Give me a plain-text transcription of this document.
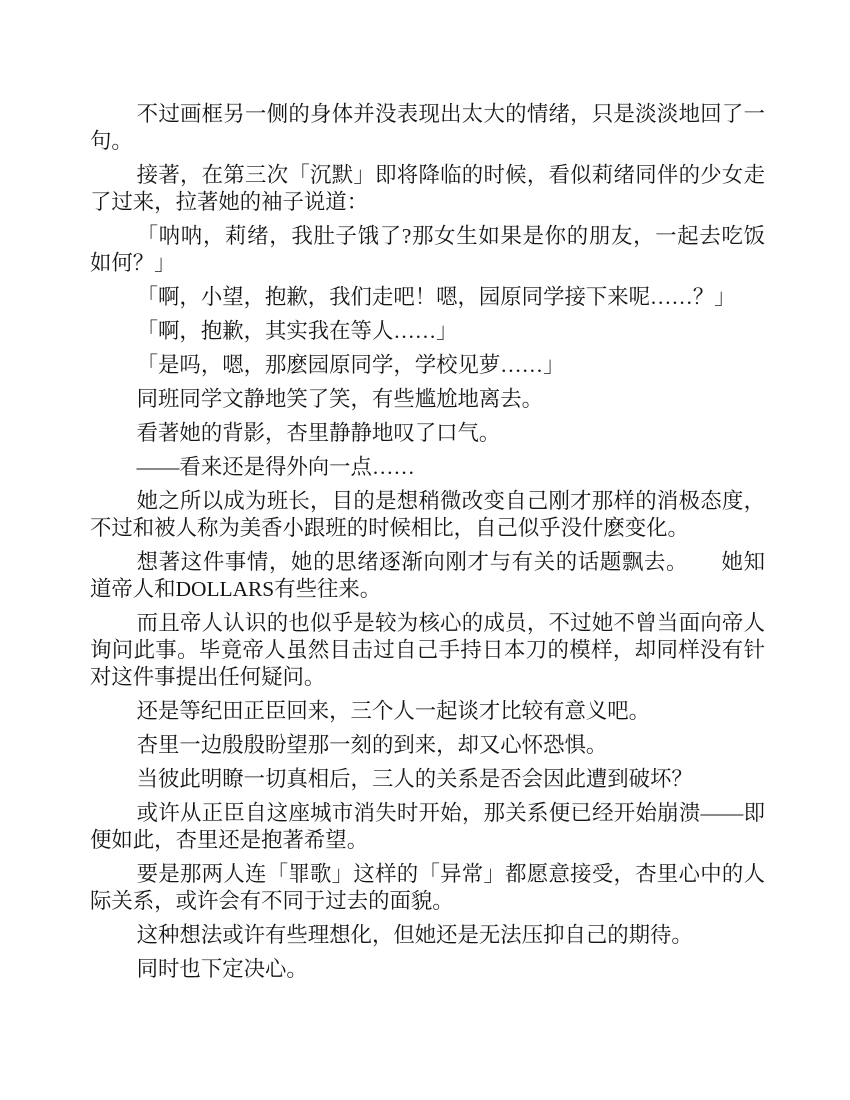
不过画框另一侧的身体并没表现出太大的情绪，只是淡淡地回了一句。

接著，在第三次「沉默」即将降临的时候，看似莉绪同伴的少女走了过来，拉著她的袖子说道：

「呐呐，莉绪，我肚子饿了?那女生如果是你的朋友，一起去吃饭如何？」

「啊，小望，抱歉，我们走吧！嗯，园原同学接下来呢……？」

「啊，抱歉，其实我在等人……」

「是吗，嗯，那麽园原同学，学校见萝……」

同班同学文静地笑了笑，有些尴尬地离去。

看著她的背影，杏里静静地叹了口气。

——看来还是得外向一点……

她之所以成为班长，目的是想稍微改变自己刚才那样的消极态度，不过和被人称为美香小跟班的时候相比，自己似乎没什麽变化。

想著这件事情，她的思绪逐渐向刚才与有关的话题飘去。　　她知道帝人和DOLLARS有些往来。

而且帝人认识的也似乎是较为核心的成员，不过她不曾当面向帝人询问此事。毕竟帝人虽然目击过自己手持日本刀的模样，却同样没有针对这件事提出任何疑问。

还是等纪田正臣回来，三个人一起谈才比较有意义吧。

杏里一边殷殷盼望那一刻的到来，却又心怀恐惧。

当彼此明瞭一切真相后，三人的关系是否会因此遭到破坏？

或许从正臣自这座城市消失时开始，那关系便已经开始崩溃——即便如此，杏里还是抱著希望。

要是那两人连「罪歌」这样的「异常」都愿意接受，杏里心中的人际关系，或许会有不同于过去的面貌。

这种想法或许有些理想化，但她还是无法压抑自己的期待。

同时也下定决心。
